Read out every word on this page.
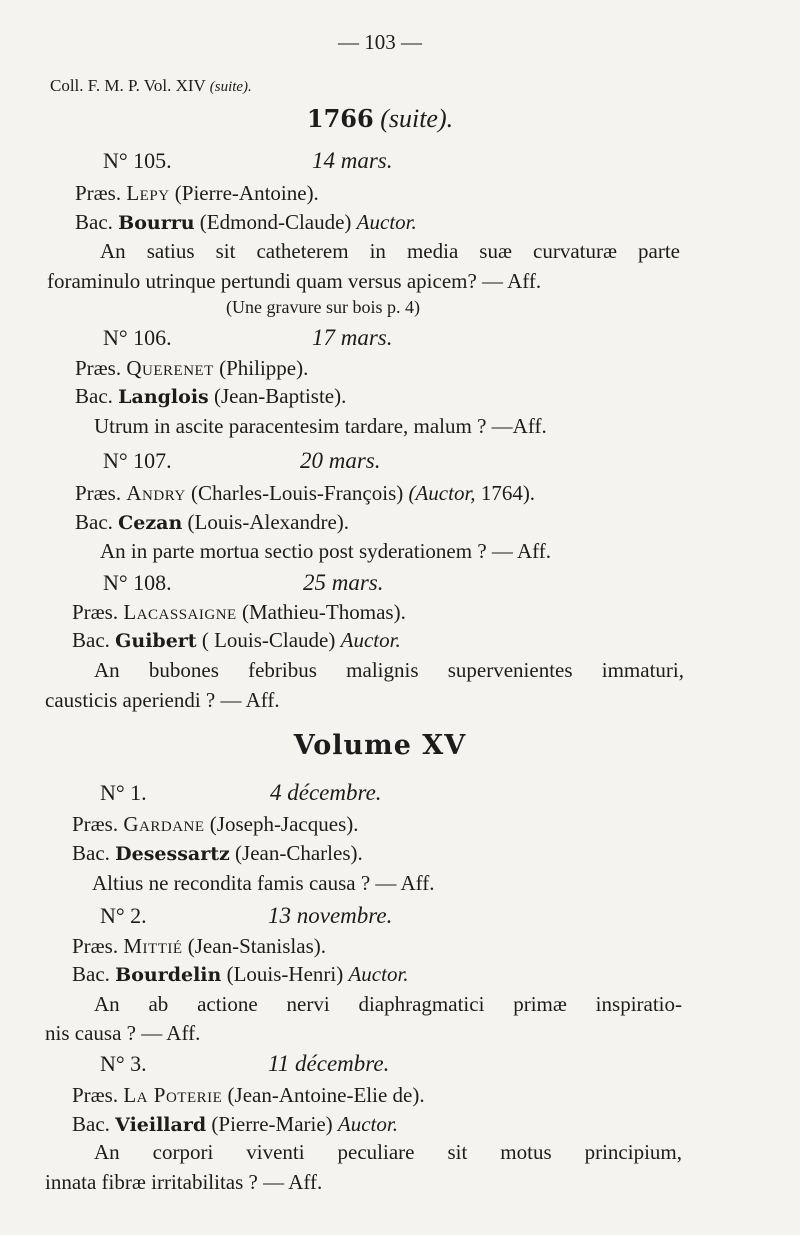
— 103 —
Coll. F. M. P. Vol. XIV (suite).
1766 (suite).
N° 105.	14 mars.
Præs. Lepy (Pierre-Antoine).
Bac. Bourru (Edmond-Claude) Auctor.
An satius sit catheterem in media suæ curvaturæ parte
foraminulo utrinque pertundi quam versus apicem? — Aff.
(Une gravure sur bois p. 4)
N° 106.	17 mars.
Præs. Querenet (Philippe).
Bac. Langlois (Jean-Baptiste).
Utrum in ascite paracentesim tardare, malum ? —Aff.
N° 107.	20 mars.
Præs. Andry (Charles-Louis-François) (Auctor, 1764).
Bac. Cezan (Louis-Alexandre).
An in parte mortua sectio post syderationem ? — Aff.
N° 108.	25 mars.
Præs. Lacassaigne (Mathieu-Thomas).
Bac. Guibert ( Louis-Claude) Auctor.
An bubones febribus malignis supervenientes immaturi,
causticis aperiendi ? — Aff.
Volume XV
N° 1.	4 décembre.
Præs. Gardane (Joseph-Jacques).
Bac. Desessartz (Jean-Charles).
Altius ne recondita famis causa ? — Aff.
N° 2.	13 novembre.
Præs. Mittié (Jean-Stanislas).
Bac. Bourdelin (Louis-Henri) Auctor.
An ab actione nervi diaphragmatici primæ inspiratio-
nis causa ? — Aff.
N° 3.	11 décembre.
Præs. La Poterie (Jean-Antoine-Elie de).
Bac. Vieillard (Pierre-Marie) Auctor.
An corpori viventi peculiare sit motus principium,
innata fibræ irritabilitas ? — Aff.
